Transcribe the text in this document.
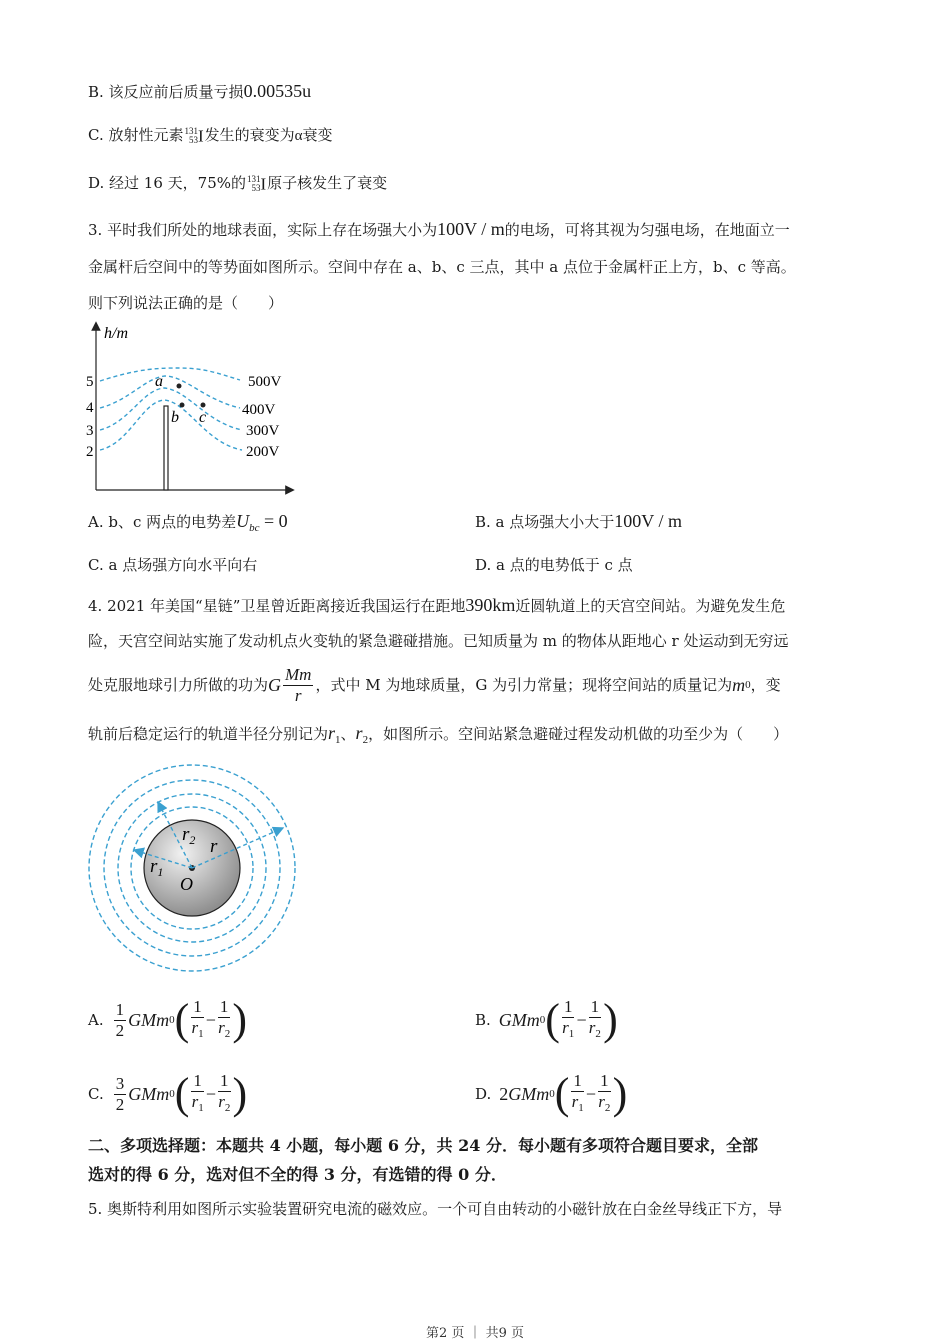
B. 该反应前后质量亏损0.00535u
C. 放射性元素 131
53 I发生的衰变为α衰变
D. 经过 16 天，75%的 131
53 I原子核发生了衰变
3. 平时我们所处的地球表面，实际上存在场强大小为100V / m的电场，可将其视为匀强电场，在地面立一
金属杆后空间中的等势面如图所示。空间中存在 a、b、c 三点，其中 a 点位于金属杆正上方，b、c 等高。
则下列说法正确的是（　　）
h/m
5
4
3
2
a
b c
500V
400V
300V
200V
A. b、c 两点的电势差$U_{bc} = 0$	B. a 点场强大小大于100V / m
C. a 点场强方向水平向右	D. a 点的电势低于 c 点
4. 2021 年美国“星链”卫星曾近距离接近我国运行在距地390km近圆轨道上的天宫空间站。为避免发生危
险，天宫空间站实施了发动机点火变轨的紧急避碰措施。已知质量为 m 的物体从距地心 r 处运动到无穷远
处克服地球引力所做的功为 G $\frac{Mm}{r}$ ，式中 M 为地球质量，G 为引力常量；现将空间站的质量记为 m 0 ，变
轨前后稳定运行的轨道半径分别记为$r_1$、$r_2$，如图所示。空间站紧急避碰过程发动机做的功至少为（　　）
O
r
$r_2$
$r_1$
A. $\frac{1}{2}$ GMm 0 ( $\frac{1}{r_1} - \frac{1}{r_2}$ )	B. GMm 0 ( $\frac{1}{r_1} - \frac{1}{r_2}$ )
C. $\frac{3}{2}$ GMm 0 ( $\frac{1}{r_1} - \frac{1}{r_2}$ )	D. 2 GMm 0 ( $\frac{1}{r_1} - \frac{1}{r_2}$ )
二、多项选择题：本题共 4 小题，每小题 6 分，共 24 分．每小题有多项符合题目要求，全部
选对的得 6 分，选对但不全的得 3 分，有选错的得 0 分．
5. 奥斯特利用如图所示实验装置研究电流的磁效应。一个可自由转动的小磁针放在白金丝导线正下方，导
第2 页 ｜ 共9 页
